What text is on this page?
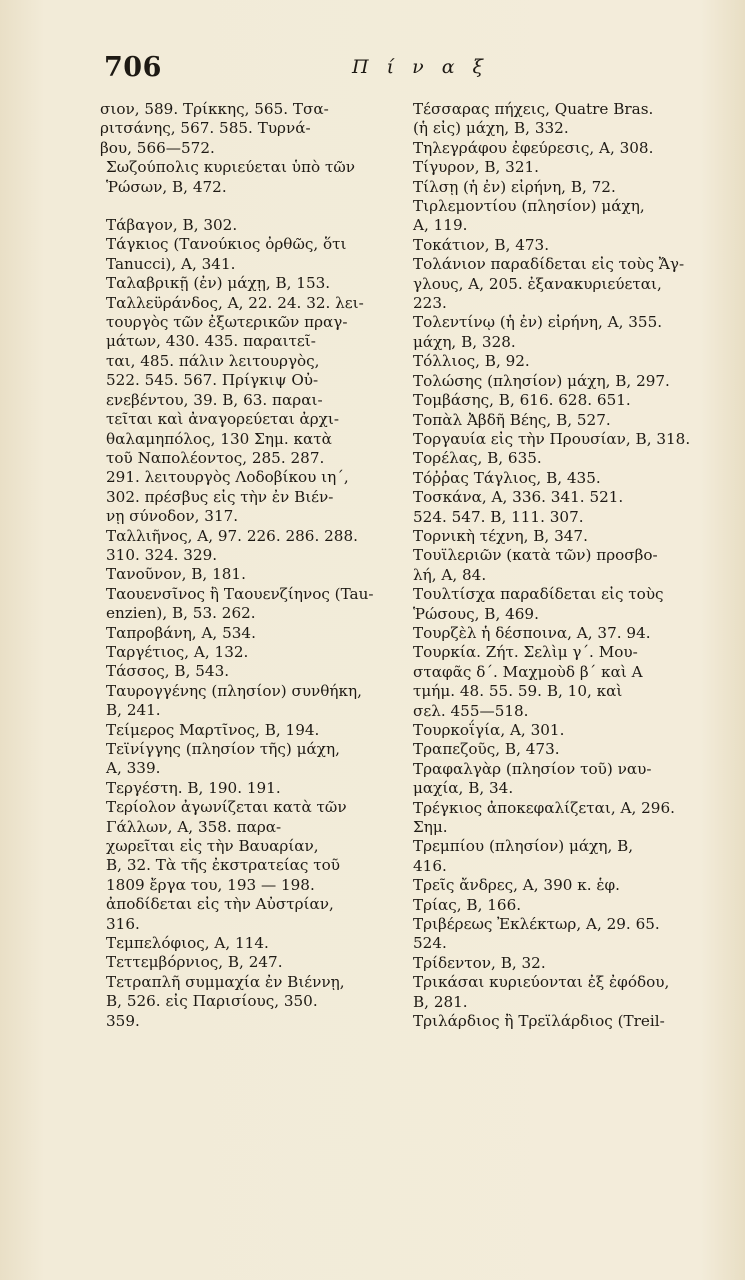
706	Π ί ν α ξ
σιον, 589. Τρίκκης, 565. Τσα-
ριτσάνης, 567. 585. Τυρνά-
βου, 566—572.
Σωζούπολις κυριεύεται ὑπὸ τῶν
Ῥώσων, Β, 472.
Τάβαγον, Β, 302.
Τάγκιος (Τανούκιος ὀρθῶς, ὅτι
Tanucci), Α, 341.
Ταλαβρικῇ (ἐν) μάχῃ, Β, 153.
Ταλλεϋράνδος, Α, 22. 24. 32. λει-
τουργὸς τῶν ἐξωτερικῶν πραγ-
μάτων, 430. 435. παραιτεῖ-
ται, 485. πάλιν λειτουργὸς,
522. 545. 567. Πρίγκιψ Οὐ-
ενεβέντου, 39. Β, 63. παραι-
τεῖται καὶ ἀναγορεύεται ἀρχι-
θαλαμηπόλος, 130 Σημ. κατὰ
τοῦ Ναπολέοντος, 285. 287.
291. λειτουργὸς Λοδοβίκου ιη΄,
302. πρέσβυς εἰς τὴν ἐν Βιέν-
νῃ σύνοδον, 317.
Ταλλιῆνος, Α, 97. 226. 286. 288.
310. 324. 329.
Τανοῦνον, Β, 181.
Ταουενσῖνος ἢ Ταουενζίηνος (Tau-
enzien), Β, 53. 262.
Ταπροβάνη, Α, 534.
Ταργέτιος, Α, 132.
Τάσσος, Β, 543.
Ταυρογγένης (πλησίον) συνθήκη,
Β, 241.
Τείμερος Μαρτῖνος, Β, 194.
Τεϊνίγγης (πλησίον τῆς) μάχη,
Α, 339.
Τεργέστη. Β, 190. 191.
Τερίολον ἀγωνίζεται κατὰ τῶν
Γάλλων, Α, 358. παρα-
χωρεῖται εἰς τὴν Βαυαρίαν,
Β, 32. Τὰ τῆς ἐκστρατείας τοῦ
1809 ἔργα του, 193 — 198.
ἀποδίδεται εἰς τὴν Αὐστρίαν,
316.
Τεμπελόφιος, Α, 114.
Τεττεμβόρνιος, Β, 247.
Τετραπλῆ συμμαχία ἐν Βιέννῃ,
Β, 526. εἰς Παρισίους, 350.
359.
Τέσσαρας πήχεις, Quatre Bras.
(ἡ εἰς) μάχη, Β, 332.
Τηλεγράφου ἐφεύρεσις, Α, 308.
Τίγυρον, Β, 321.
Τίλσῃ (ἡ ἐν) εἰρήνη, Β, 72.
Τιρλεμοντίου (πλησίον) μάχη,
Α, 119.
Τοκάτιον, Β, 473.
Τολάνιον παραδίδεται εἰς τοὺς Ἄγ-
γλους, Α, 205. ἐξανακυριεύεται,
223.
Τολεντίνῳ (ἡ ἐν) εἰρήνη, Α, 355.
μάχη, Β, 328.
Τόλλιος, Β, 92.
Τολώσης (πλησίον) μάχη, Β, 297.
Τομβάσης, Β, 616. 628. 651.
Τοπὰλ Ἀβδῆ Βέης, Β, 527.
Τοργαυία εἰς τὴν Προυσίαν, Β, 318.
Τορέλας, Β, 635.
Τόῤῥας Τάγλιος, Β, 435.
Τοσκάνα, Α, 336. 341. 521.
524. 547. Β, 111. 307.
Τορνικὴ τέχνη, Β, 347.
Τουϊλεριῶν (κατὰ τῶν) προσβο-
λή, Α, 84.
Τουλτίσχα παραδίδεται εἰς τοὺς
Ῥώσους, Β, 469.
Τουρζὲλ ἡ δέσποινα, Α, 37. 94.
Τουρκία. Ζήτ. Σελὶμ γ΄. Μου-
σταφᾶς δ΄. Μαχμοὺδ β΄ καὶ Α
τμήμ. 48. 55. 59. Β, 10, καὶ
σελ. 455—518.
Τουρκοΐγία, Α, 301.
Τραπεζοῦς, Β, 473.
Τραφαλγὰρ (πλησίον τοῦ) ναυ-
μαχία, Β, 34.
Τρέγκιος ἀποκεφαλίζεται, Α, 296.
Σημ.
Τρεμπίου (πλησίον) μάχη, Β,
416.
Τρεῖς ἄνδρες, Α, 390 κ. ἑφ.
Τρίας, Β, 166.
Τριβέρεως Ἐκλέκτωρ, Α, 29. 65.
524.
Τρίδεντον, Β, 32.
Τρικάσαι κυριεύονται ἐξ ἐφόδου,
Β, 281.
Τριλάρδιος ἢ Τρεϊλάρδιος (Treil-
